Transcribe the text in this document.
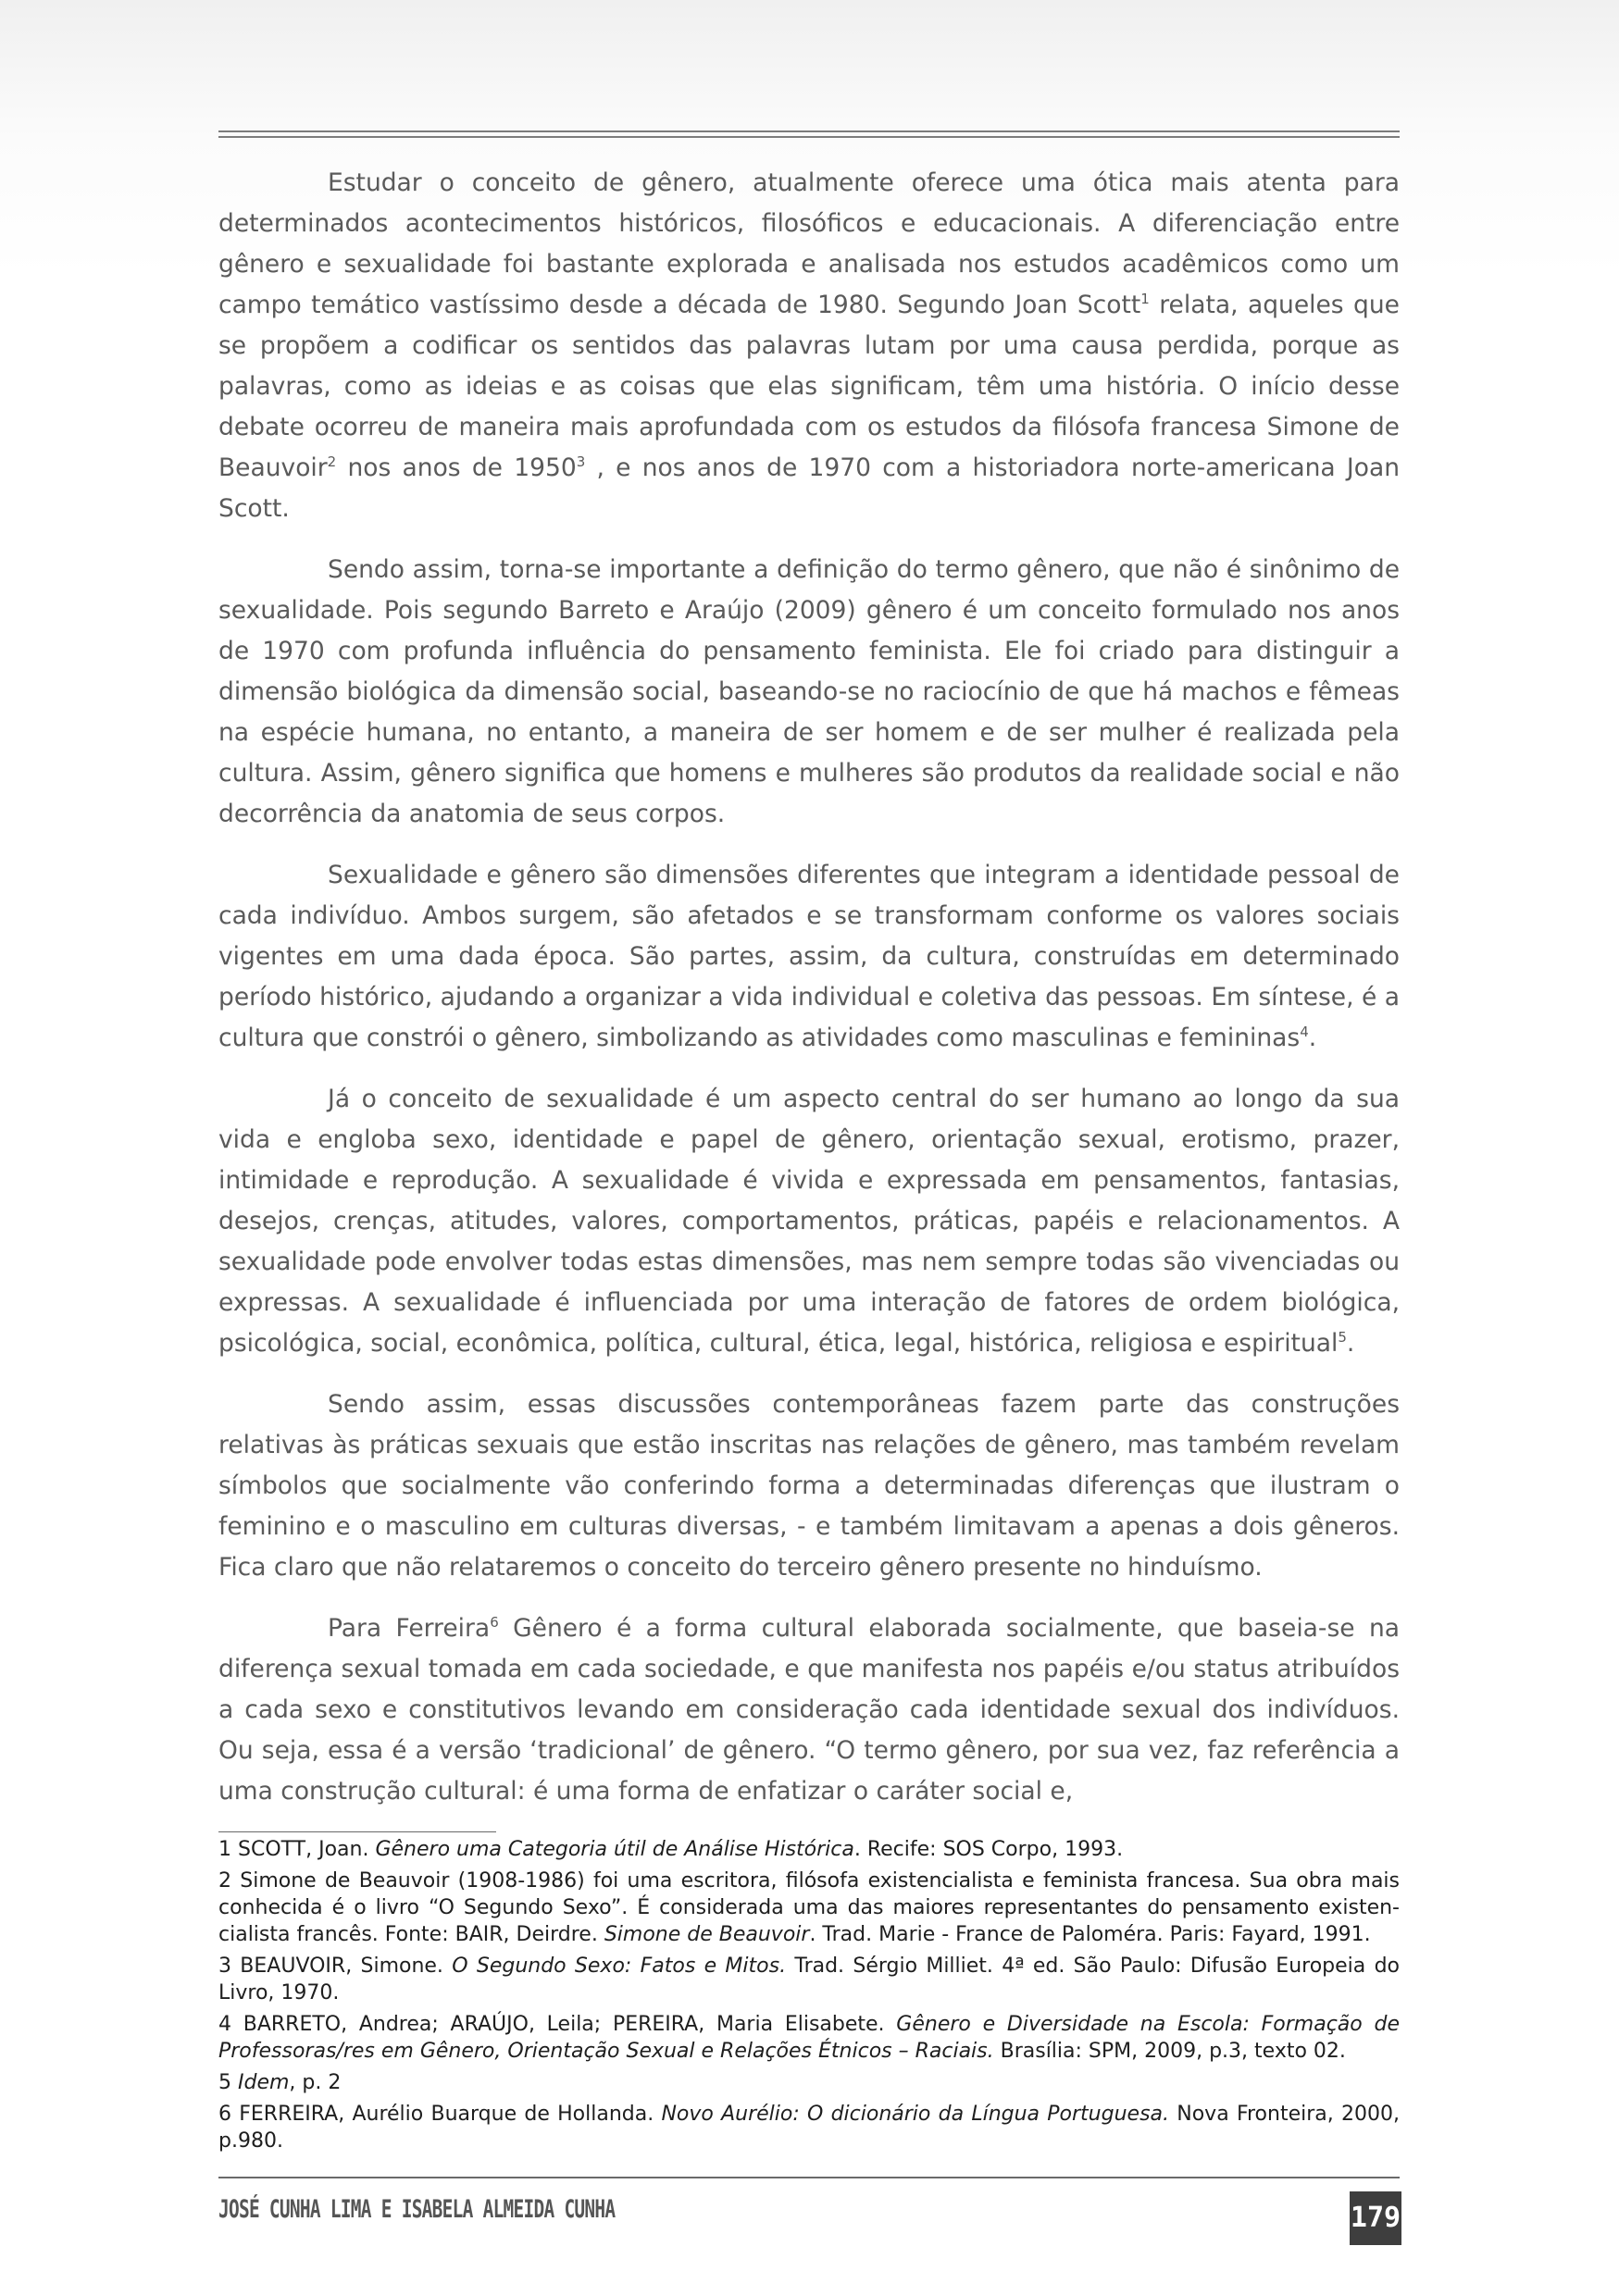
Estudar o conceito de gênero, atualmente oferece uma ótica mais atenta para determinados acontecimentos históricos, filosóficos e educacionais. A diferenciação entre gênero e sexualidade foi bastante explorada e analisada nos estudos acadêmicos como um campo temático vastíssimo desde a década de 1980. Segundo Joan Scott$^1$ relata, aqueles que se propõem a codificar os sentidos das palavras lutam por uma causa perdida, porque as palavras, como as ideias e as coisas que elas significam, têm uma história. O início desse debate ocorreu de maneira mais aprofundada com os estudos da filósofa francesa Simone de Beauvoir$^2$ nos anos de 1950$^3$ , e nos anos de 1970 com a historiadora norte-americana Joan Scott.

Sendo assim, torna-se importante a definição do termo gênero, que não é sinônimo de sexualidade. Pois segundo Barreto e Araújo (2009) gênero é um conceito formulado nos anos de 1970 com profunda influência do pensamento feminista. Ele foi criado para distinguir a dimensão biológica da dimensão social, baseando-se no raciocínio de que há machos e fêmeas na espécie humana, no entanto, a maneira de ser homem e de ser mulher é realizada pela cultura. Assim, gênero significa que homens e mulheres são produtos da realidade social e não decorrência da anatomia de seus corpos.

Sexualidade e gênero são dimensões diferentes que integram a identidade pessoal de cada indivíduo. Ambos surgem, são afetados e se transformam conforme os valores sociais vigentes em uma dada época. São partes, assim, da cultura, construídas em determinado período histórico, ajudando a organizar a vida individual e coletiva das pessoas. Em síntese, é a cultura que constrói o gênero, simbolizando as atividades como masculinas e femininas$^4$.

Já o conceito de sexualidade é um aspecto central do ser humano ao longo da sua vida e engloba sexo, identidade e papel de gênero, orientação sexual, erotismo, prazer, intimidade e reprodução. A sexualidade é vivida e expressada em pensamentos, fantasias, desejos, crenças, atitudes, valores, comportamentos, práticas, papéis e relacionamentos. A sexualidade pode envolver todas estas dimensões, mas nem sempre todas são vivenciadas ou expressas. A sexualidade é influenciada por uma interação de fatores de ordem biológica, psicológica, social, econômica, política, cultural, ética, legal, histórica, religiosa e espiritual$^5$.

Sendo assim, essas discussões contemporâneas fazem parte das construções relativas às práticas sexuais que estão inscritas nas relações de gênero, mas também revelam símbolos que socialmente vão conferindo forma a determinadas diferenças que ilustram o feminino e o masculino em culturas diversas, - e também limitavam a apenas a dois gêneros. Fica claro que não relataremos o conceito do terceiro gênero presente no hinduísmo.

Para Ferreira$^6$ Gênero é a forma cultural elaborada socialmente, que baseia-se na diferença sexual tomada em cada sociedade, e que manifesta nos papéis e/ou status atribuídos a cada sexo e constitutivos levando em consideração cada identidade sexual dos indivíduos. Ou seja, essa é a versão ‘tradicional’ de gênero. “O termo gênero, por sua vez, faz referência a uma construção cultural: é uma forma de enfatizar o caráter social e,

1 SCOTT, Joan. Gênero uma Categoria útil de Análise Histórica. Recife: SOS Corpo, 1993.

2 Simone de Beauvoir (1908-1986) foi uma escritora, filósofa existencialista e feminista francesa. Sua obra mais conhecida é o livro “O Segundo Sexo”. É considerada uma das maiores representantes do pensamento existen-cialista francês. Fonte: BAIR, Deirdre. Simone de Beauvoir. Trad. Marie - France de Paloméra. Paris: Fayard, 1991.

3 BEAUVOIR, Simone. O Segundo Sexo: Fatos e Mitos. Trad. Sérgio Milliet. 4ª ed. São Paulo: Difusão Europeia do Livro, 1970.

4 BARRETO, Andrea; ARAÚJO, Leila; PEREIRA, Maria Elisabete. Gênero e Diversidade na Escola: Formação de Professoras/res em Gênero, Orientação Sexual e Relações Étnicos – Raciais. Brasília: SPM, 2009, p.3, texto 02.

5 Idem, p. 2

6 FERREIRA, Aurélio Buarque de Hollanda. Novo Aurélio: O dicionário da Língua Portuguesa. Nova Fronteira, 2000, p.980.

JOSÉ CUNHA LIMA E ISABELA ALMEIDA CUNHA	179
